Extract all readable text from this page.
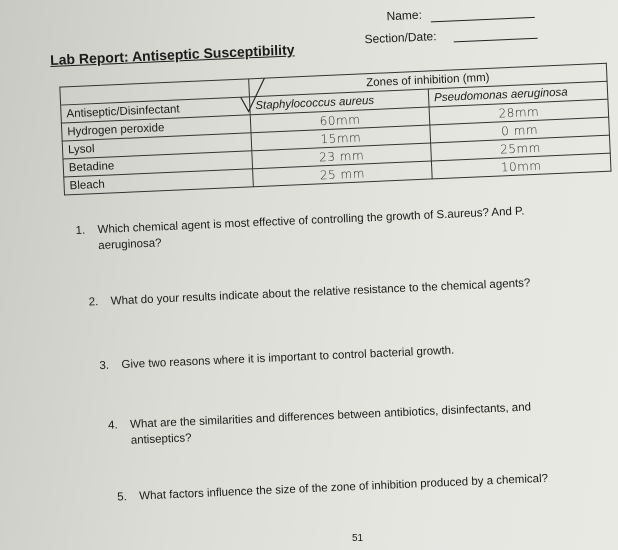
Lab Report: Antiseptic Susceptibility
Name:
Section/Date:
	Zones of inhibition (mm)	
Antiseptic/Disinfectant	Staphylococcus aureus	Pseudomonas aeruginosa
Hydrogen peroxide	60mm	28mm
Lysol	15mm	0 mm
Betadine	23 mm	25mm
Bleach	25 mm	10mm
1. Which chemical agent is most effective of controlling the growth of S.aureus? And P.
aeruginosa?
2. What do your results indicate about the relative resistance to the chemical agents?
3. Give two reasons where it is important to control bacterial growth.
4. What are the similarities and differences between antibiotics, disinfectants, and
antiseptics?
5. What factors influence the size of the zone of inhibition produced by a chemical?
51
